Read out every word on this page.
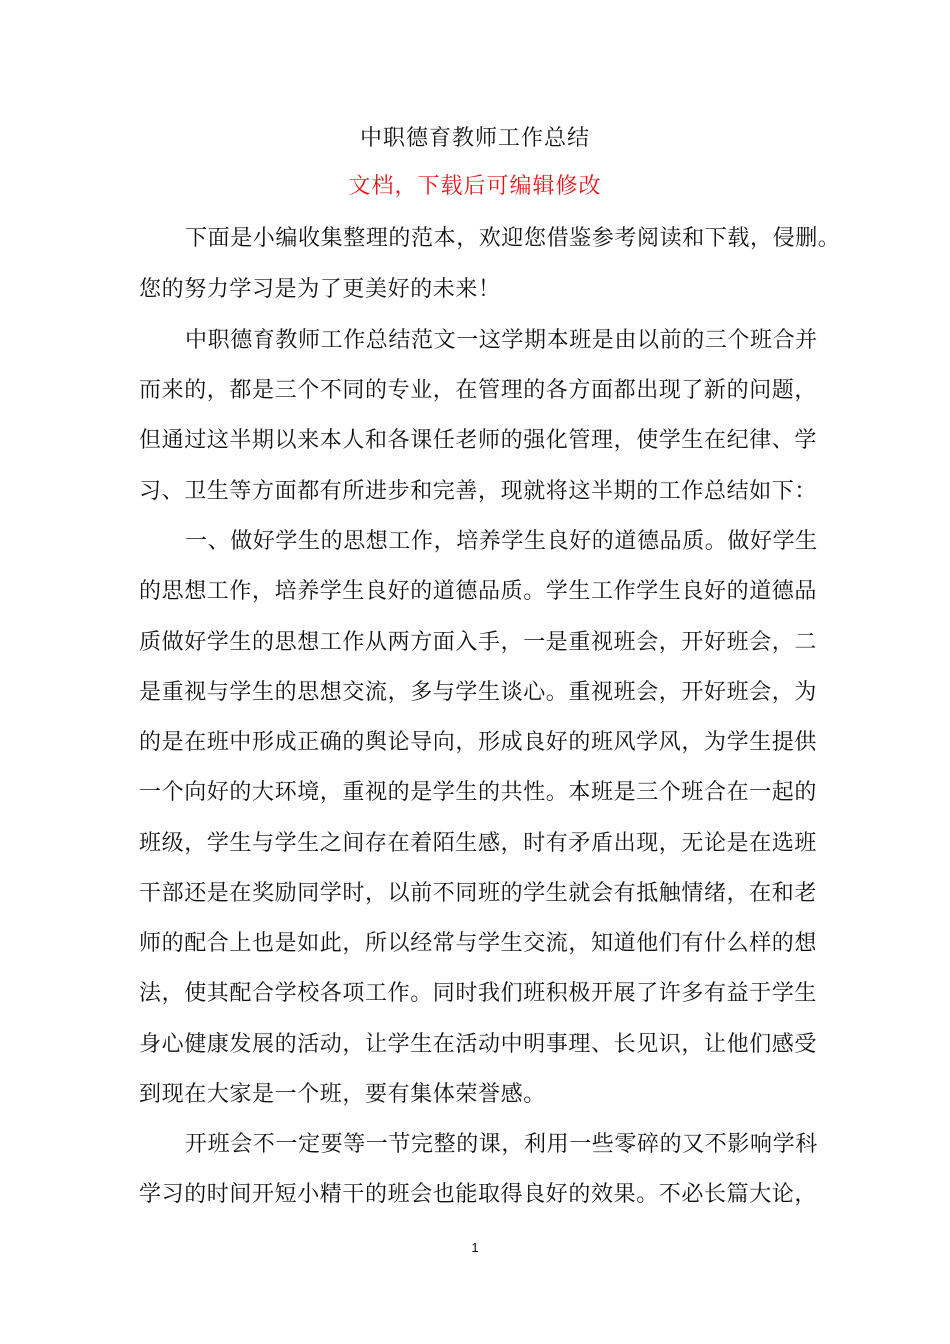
中职德育教师工作总结
文档，下载后可编辑修改
下面是小编收集整理的范本，欢迎您借鉴参考阅读和下载，侵删。
您的努力学习是为了更美好的未来！
中职德育教师工作总结范文一这学期本班是由以前的三个班合并
而来的，都是三个不同的专业，在管理的各方面都出现了新的问题，
但通过这半期以来本人和各课任老师的强化管理，使学生在纪律、学
习、卫生等方面都有所进步和完善，现就将这半期的工作总结如下：
一、做好学生的思想工作，培养学生良好的道德品质。做好学生
的思想工作，培养学生良好的道德品质。学生工作学生良好的道德品
质做好学生的思想工作从两方面入手，一是重视班会，开好班会，二
是重视与学生的思想交流，多与学生谈心。重视班会，开好班会，为
的是在班中形成正确的舆论导向，形成良好的班风学风，为学生提供
一个向好的大环境，重视的是学生的共性。本班是三个班合在一起的
班级，学生与学生之间存在着陌生感，时有矛盾出现，无论是在选班
干部还是在奖励同学时，以前不同班的学生就会有抵触情绪，在和老
师的配合上也是如此，所以经常与学生交流，知道他们有什么样的想
法，使其配合学校各项工作。同时我们班积极开展了许多有益于学生
身心健康发展的活动，让学生在活动中明事理、长见识，让他们感受
到现在大家是一个班，要有集体荣誉感。
开班会不一定要等一节完整的课，利用一些零碎的又不影响学科
学习的时间开短小精干的班会也能取得良好的效果。不必长篇大论，
1
